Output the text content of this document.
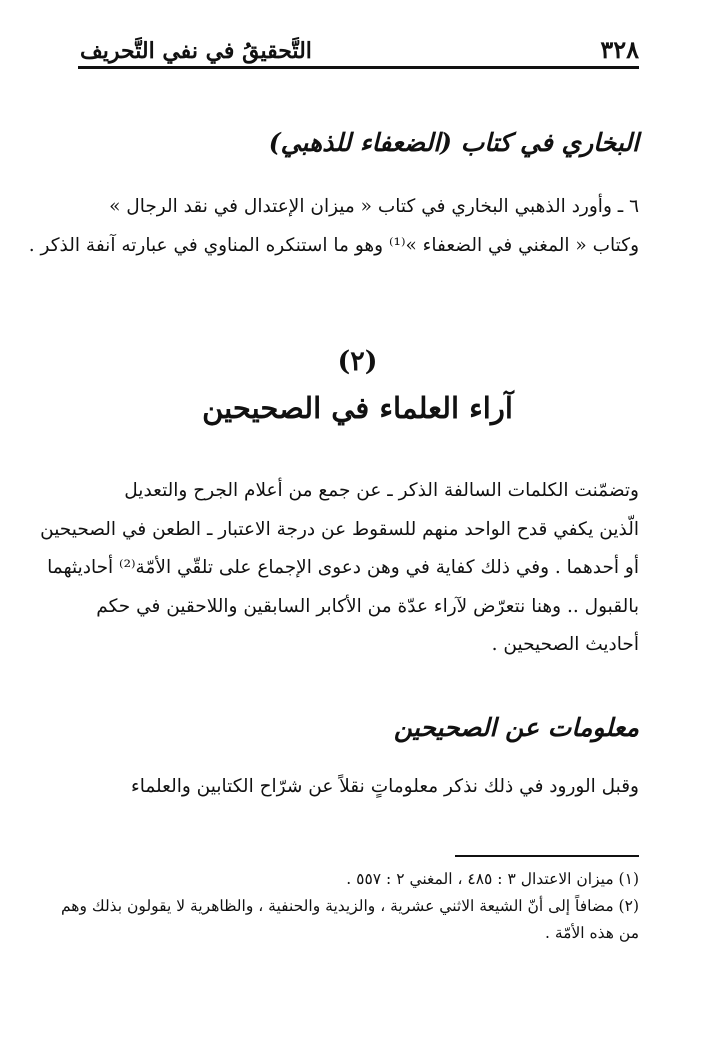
٣٢٨
التَّحقيقُ في نفي التَّحريف
البخاري في كتاب (الضعفاء للذهبي)
٦ ـ وأورد الذهبي البخاري في كتاب « ميزان الإعتدال في نقد الرجال »
وكتاب « المغني في الضعفاء »⁽¹⁾ وهو ما استنكره المناوي في عبارته آنفة الذكر .
(٢)
آراء العلماء في الصحيحين
وتضمّنت الكلمات السالفة الذكر ـ عن جمع من أعلام الجرح والتعديل
الّذين يكفي قدح الواحد منهم للسقوط عن درجة الاعتبار ـ الطعن في الصحيحين
أو أحدهما . وفي ذلك كفاية في وهن دعوى الإجماع على تلقّي الأمّة⁽²⁾ أحاديثهما
بالقبول .. وهنا نتعرّض لآراء عدّة من الأكابر السابقين واللاحقين في حكم
أحاديث الصحيحين .
معلومات عن الصحيحين
وقبل الورود في ذلك نذكر معلوماتٍ نقلاً عن شرّاح الكتابين والعلماء
(١) ميزان الاعتدال ٣ : ٤٨٥ ، المغني ٢ : ٥٥٧ .
(٢) مضافاً إلى أنّ الشيعة الاثني عشرية ، والزيدية والحنفية ، والظاهرية لا يقولون بذلك وهم
من هذه الأمّة .
